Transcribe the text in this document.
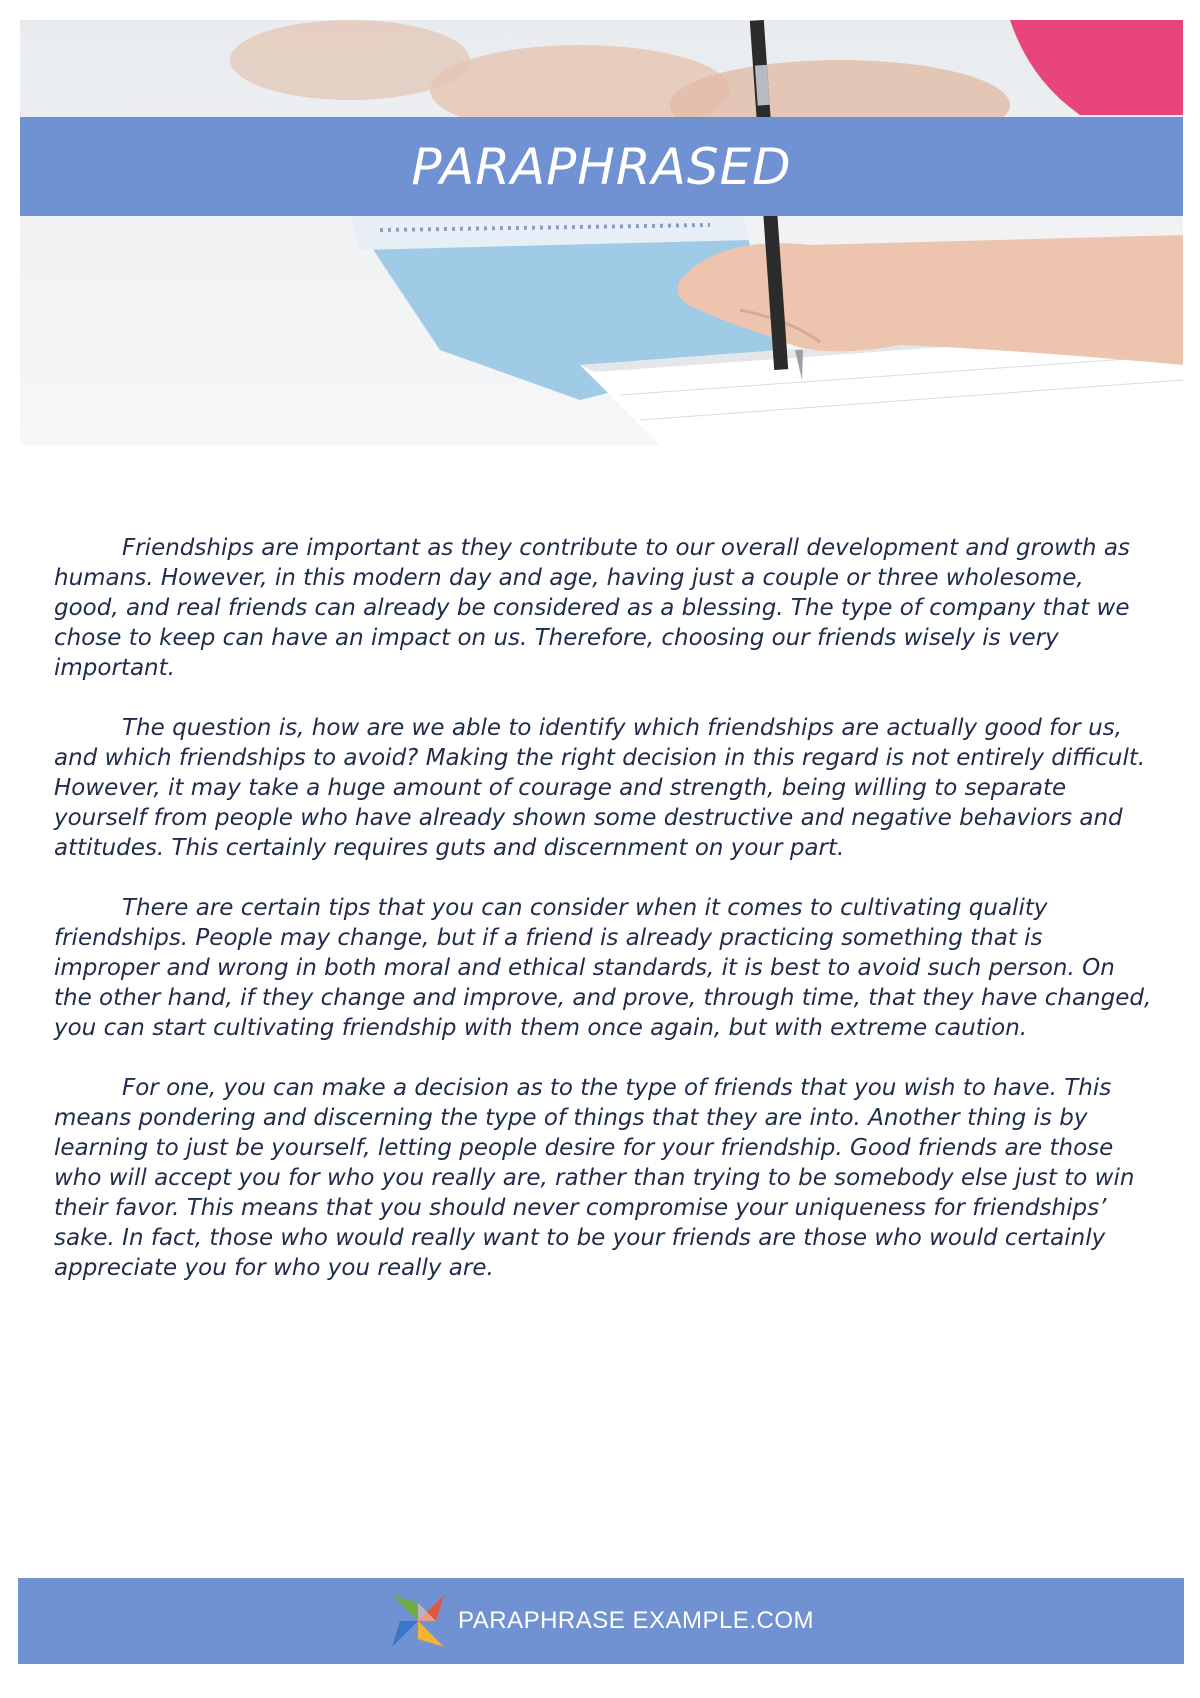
PARAPHRASED

Friendships are important as they contribute to our overall development and growth as humans. However, in this modern day and age, having just a couple or three wholesome, good, and real friends can already be considered as a blessing. The type of company that we chose to keep can have an impact on us. Therefore, choosing our friends wisely is very important.

The question is, how are we able to identify which friendships are actually good for us, and which friendships to avoid? Making the right decision in this regard is not entirely difficult. However, it may take a huge amount of courage and strength, being willing to separate yourself from people who have already shown some destructive and negative behaviors and attitudes. This certainly requires guts and discernment on your part.

There are certain tips that you can consider when it comes to cultivating quality friendships. People may change, but if a friend is already practicing something that is improper and wrong in both moral and ethical standards, it is best to avoid such person. On the other hand, if they change and improve, and prove, through time, that they have changed, you can start cultivating friendship with them once again, but with extreme caution.

For one, you can make a decision as to the type of friends that you wish to have. This means pondering and discerning the type of things that they are into. Another thing is by learning to just be yourself, letting people desire for your friendship. Good friends are those who will accept you for who you really are, rather than trying to be somebody else just to win their favor. This means that you should never compromise your uniqueness for friendships’ sake. In fact, those who would really want to be your friends are those who would certainly appreciate you for who you really are.

PARAPHRASE EXAMPLE.COM
